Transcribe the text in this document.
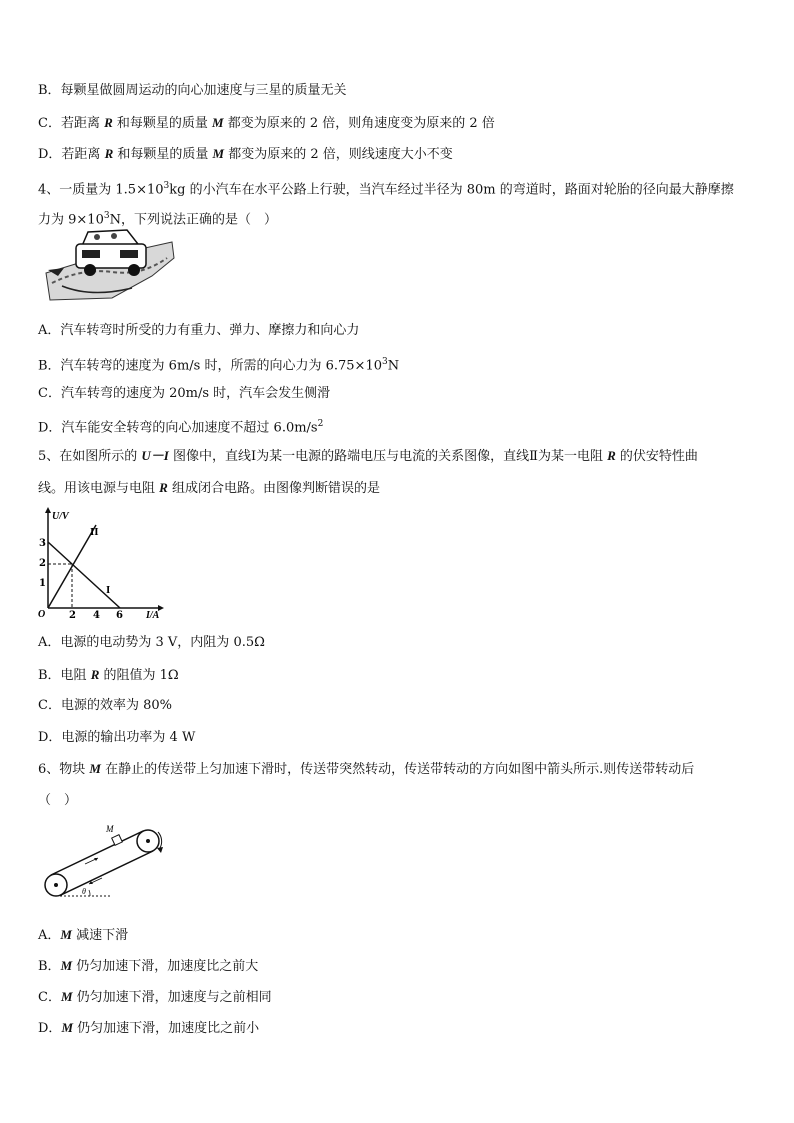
B．每颗星做圆周运动的向心加速度与三星的质量无关
C．若距离 R 和每颗星的质量 M 都变为原来的 2 倍，则角速度变为原来的 2 倍
D．若距离 R 和每颗星的质量 M 都变为原来的 2 倍，则线速度大小不变
4、一质量为 $1.5\times 10^3kg$ 的小汽车在水平公路上行驶，当汽车经过半径为 80m 的弯道时，路面对轮胎的径向最大静摩擦
力为 $9\times 10^3N$，下列说法正确的是（　）
A．汽车转弯时所受的力有重力、弹力、摩擦力和向心力
B．汽车转弯的速度为 6m/s 时，所需的向心力为 $6.75\times 10^3N$
C．汽车转弯的速度为 20m/s 时，汽车会发生侧滑
D．汽车能安全转弯的向心加速度不超过 $6.0m/s^2$
5、在如图所示的 U－I 图像中，直线Ⅰ为某一电源的路端电压与电流的关系图像，直线Ⅱ为某一电阻 R 的伏安特性曲
线。用该电源与电阻 R 组成闭合电路。由图像判断错误的是
U/V
I/A
O
3
2
1
2 4 6
I
II
A．电源的电动势为 3 V，内阻为 0.5Ω
B．电阻 R 的阻值为 1Ω
C．电源的效率为 80%
D．电源的输出功率为 4 W
6、物块 M 在静止的传送带上匀加速下滑时，传送带突然转动，传送带转动的方向如图中箭头所示.则传送带转动后
（　）
M
θ
A．M 减速下滑
B．M 仍匀加速下滑，加速度比之前大
C．M 仍匀加速下滑，加速度与之前相同
D．M 仍匀加速下滑，加速度比之前小
